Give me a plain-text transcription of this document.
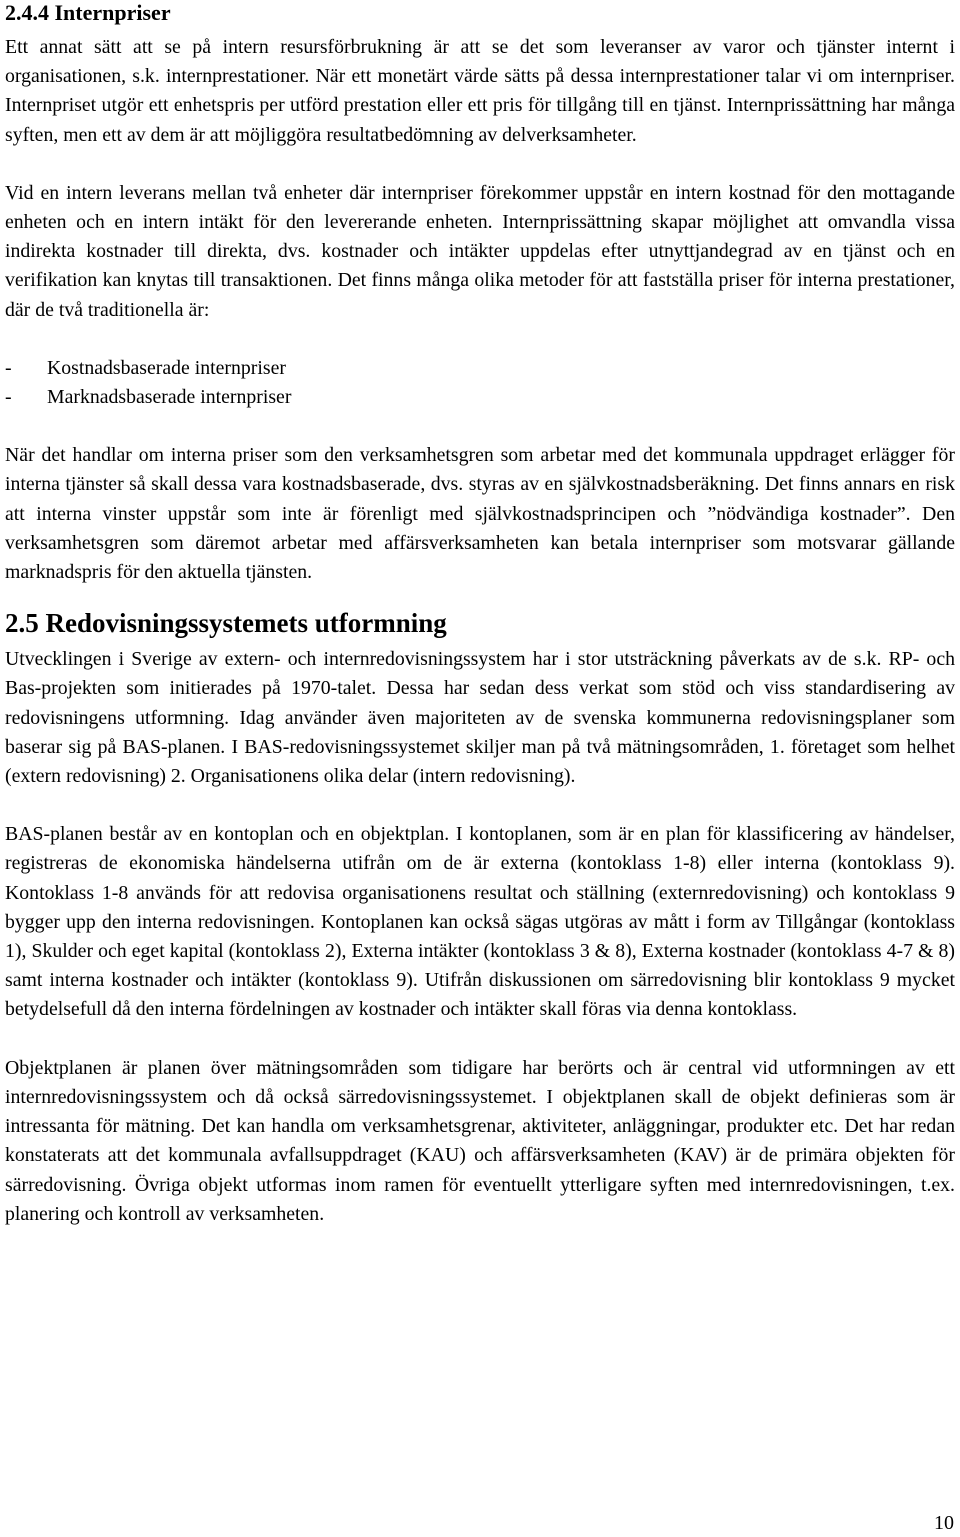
2.4.4 Internpriser

Ett annat sätt att se på intern resursförbrukning är att se det som leveranser av varor och tjänster internt i organisationen, s.k. internprestationer. När ett monetärt värde sätts på dessa internprestationer talar vi om internpriser. Internpriset utgör ett enhetspris per utförd prestation eller ett pris för tillgång till en tjänst. Internprissättning har många syften, men ett av dem är att möjliggöra resultatbedömning av delverksamheter.

Vid en intern leverans mellan två enheter där internpriser förekommer uppstår en intern kostnad för den mottagande enheten och en intern intäkt för den levererande enheten. Internprissättning skapar möjlighet att omvandla vissa indirekta kostnader till direkta, dvs. kostnader och intäkter uppdelas efter utnyttjandegrad av en tjänst och en verifikation kan knytas till transaktionen. Det finns många olika metoder för att fastställa priser för interna prestationer, där de två traditionella är:

- Kostnadsbaserade internpriser
- Marknadsbaserade internpriser

När det handlar om interna priser som den verksamhetsgren som arbetar med det kommunala uppdraget erlägger för interna tjänster så skall dessa vara kostnadsbaserade, dvs. styras av en självkostnadsberäkning. Det finns annars en risk att interna vinster uppstår som inte är förenligt med självkostnadsprincipen och ”nödvändiga kostnader”. Den verksamhetsgren som däremot arbetar med affärsverksamheten kan betala internpriser som motsvarar gällande marknadspris för den aktuella tjänsten.

2.5 Redovisningssystemets utformning

Utvecklingen i Sverige av extern- och internredovisningssystem har i stor utsträckning påverkats av de s.k. RP- och Bas-projekten som initierades på 1970-talet. Dessa har sedan dess verkat som stöd och viss standardisering av redovisningens utformning. Idag använder även majoriteten av de svenska kommunerna redovisningsplaner som baserar sig på BAS-planen. I BAS-redovisningssystemet skiljer man på två mätningsområden, 1. företaget som helhet (extern redovisning) 2. Organisationens olika delar (intern redovisning).

BAS-planen består av en kontoplan och en objektplan. I kontoplanen, som är en plan för klassificering av händelser, registreras de ekonomiska händelserna utifrån om de är externa (kontoklass 1-8) eller interna (kontoklass 9). Kontoklass 1-8 används för att redovisa organisationens resultat och ställning (externredovisning) och kontoklass 9 bygger upp den interna redovisningen. Kontoplanen kan också sägas utgöras av mått i form av Tillgångar (kontoklass 1), Skulder och eget kapital (kontoklass 2), Externa intäkter (kontoklass 3 & 8), Externa kostnader (kontoklass 4-7 & 8) samt interna kostnader och intäkter (kontoklass 9). Utifrån diskussionen om särredovisning blir kontoklass 9 mycket betydelsefull då den interna fördelningen av kostnader och intäkter skall föras via denna kontoklass.

Objektplanen är planen över mätningsområden som tidigare har berörts och är central vid utformningen av ett internredovisningssystem och då också särredovisningssystemet. I objektplanen skall de objekt definieras som är intressanta för mätning. Det kan handla om verksamhetsgrenar, aktiviteter, anläggningar, produkter etc. Det har redan konstaterats att det kommunala avfallsuppdraget (KAU) och affärsverksamheten (KAV) är de primära objekten för särredovisning. Övriga objekt utformas inom ramen för eventuellt ytterligare syften med internredovisningen, t.ex. planering och kontroll av verksamheten.

10
